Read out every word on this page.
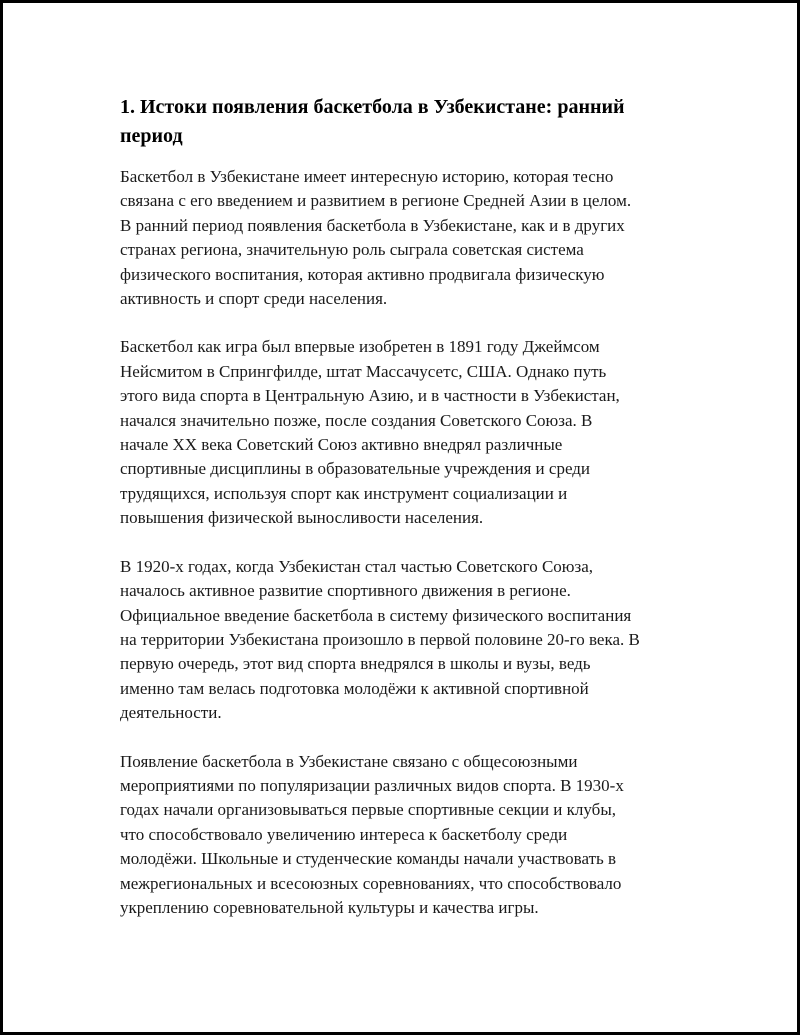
1. Истоки появления баскетбола в Узбекистане: ранний
период

Баскетбол в Узбекистане имеет интересную историю, которая тесно
связана с его введением и развитием в регионе Средней Азии в целом.
В ранний период появления баскетбола в Узбекистане, как и в других
странах региона, значительную роль сыграла советская система
физического воспитания, которая активно продвигала физическую
активность и спорт среди населения.

Баскетбол как игра был впервые изобретен в 1891 году Джеймсом
Нейсмитом в Спрингфилде, штат Массачусетс, США. Однако путь
этого вида спорта в Центральную Азию, и в частности в Узбекистан,
начался значительно позже, после создания Советского Союза. В
начале XX века Советский Союз активно внедрял различные
спортивные дисциплины в образовательные учреждения и среди
трудящихся, используя спорт как инструмент социализации и
повышения физической выносливости населения.

В 1920-х годах, когда Узбекистан стал частью Советского Союза,
началось активное развитие спортивного движения в регионе.
Официальное введение баскетбола в систему физического воспитания
на территории Узбекистана произошло в первой половине 20-го века. В
первую очередь, этот вид спорта внедрялся в школы и вузы, ведь
именно там велась подготовка молодёжи к активной спортивной
деятельности.

Появление баскетбола в Узбекистане связано с общесоюзными
мероприятиями по популяризации различных видов спорта. В 1930-х
годах начали организовываться первые спортивные секции и клубы,
что способствовало увеличению интереса к баскетболу среди
молодёжи. Школьные и студенческие команды начали участвовать в
межрегиональных и всесоюзных соревнованиях, что способствовало
укреплению соревновательной культуры и качества игры.
